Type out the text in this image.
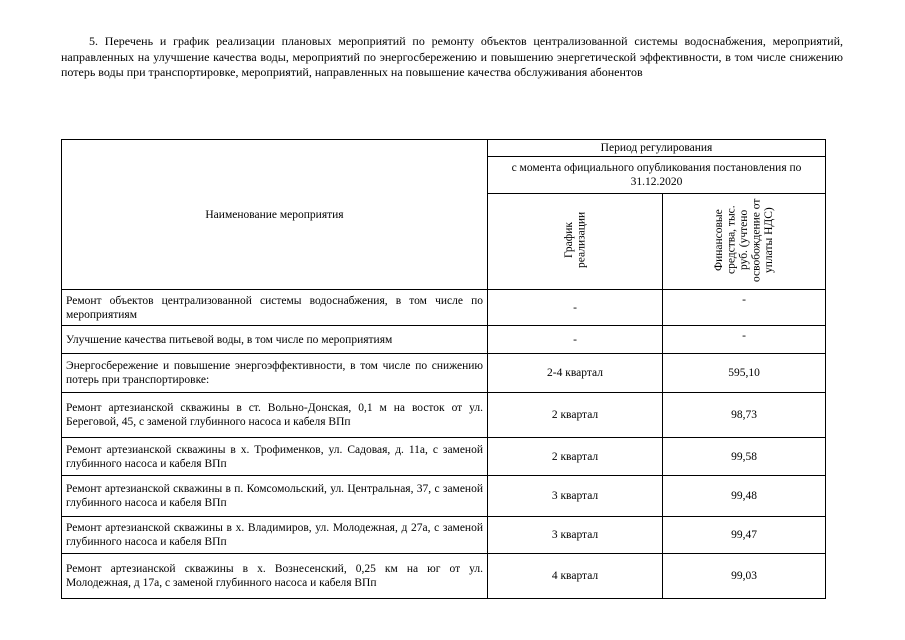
5. Перечень и график реализации плановых мероприятий по ремонту объектов централизованной системы водоснабжения, мероприятий, направленных на улучшение качества воды, мероприятий по энергосбережению и повышению энергетической эффективности, в том числе снижению потерь воды при транспортировке, мероприятий, направленных на повышение качества обслуживания абонентов
Наименование мероприятия	Период регулирования	
	с момента официального опубликования постановления по 31.12.2020	
	График реализации	Финансовые средства, тыс. руб. (учтено освобождение от уплаты НДС)
Ремонт объектов централизованной системы водоснабжения, в том числе по мероприятиям	-	-
Улучшение качества питьевой воды, в том числе по мероприятиям	-	-
Энергосбережение и повышение энергоэффективности, в том числе по снижению потерь при транспортировке:	2-4 квартал	595,10
Ремонт артезианской скважины в ст. Вольно-Донская, 0,1 м на восток от ул. Береговой, 45, с заменой глубинного насоса и кабеля ВПп	2 квартал	98,73
Ремонт артезианской скважины в х. Трофименков, ул. Садовая, д. 11а, с заменой глубинного насоса и кабеля ВПп	2 квартал	99,58
Ремонт артезианской скважины в п. Комсомольский, ул. Центральная, 37, с заменой глубинного насоса и кабеля ВПп	3 квартал	99,48
Ремонт артезианской скважины в х. Владимиров, ул. Молодежная, д 27а, с заменой глубинного насоса и кабеля ВПп	3 квартал	99,47
Ремонт артезианской скважины в х. Вознесенский, 0,25 км на юг от ул. Молодежная, д 17а, с заменой глубинного насоса и кабеля ВПп	4 квартал	99,03
